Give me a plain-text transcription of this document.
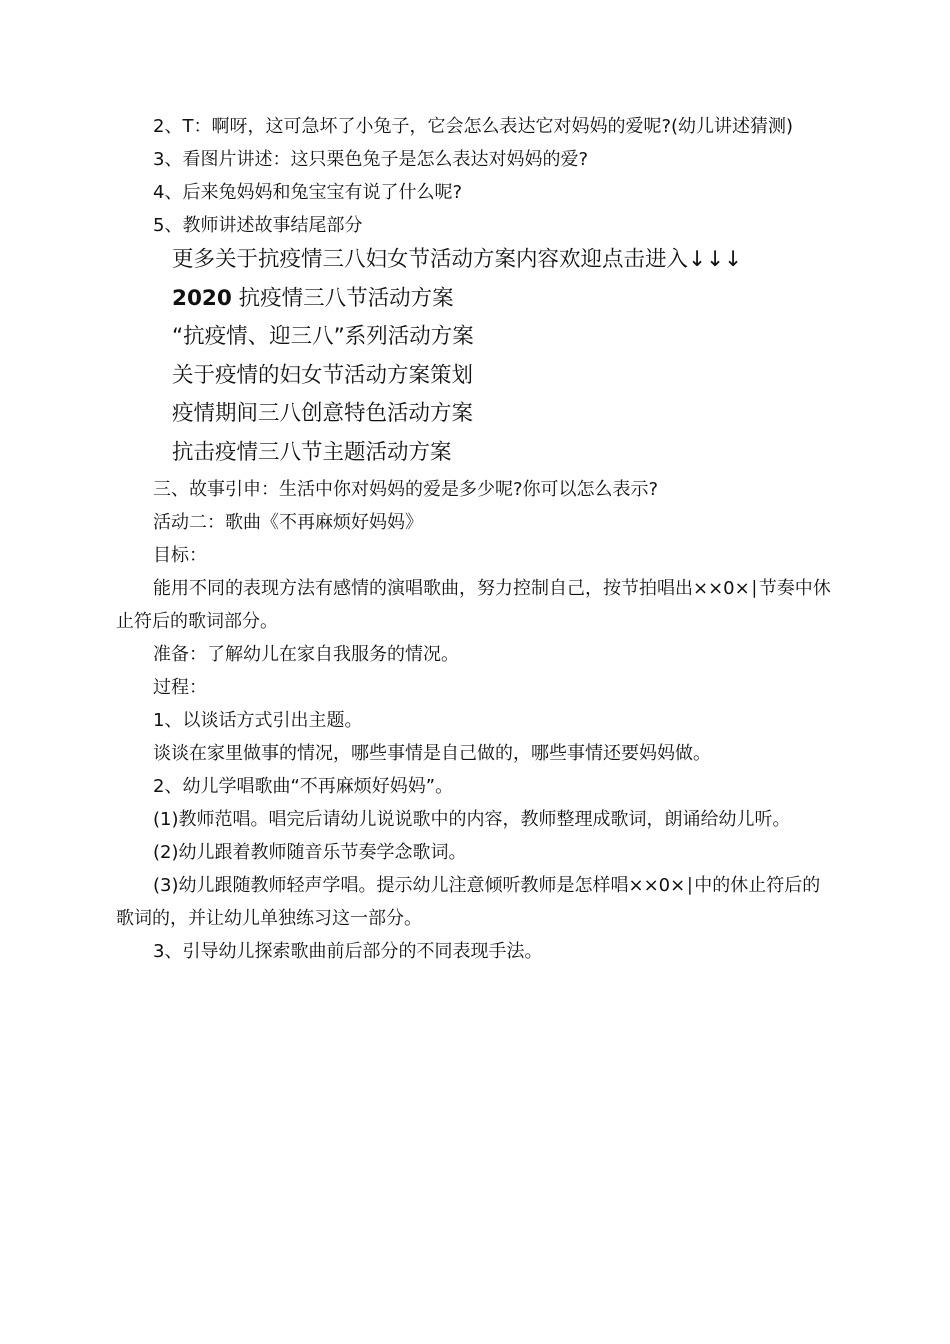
2、T：啊呀，这可急坏了小兔子，它会怎么表达它对妈妈的爱呢?(幼儿讲述猜测)
3、看图片讲述：这只栗色兔子是怎么表达对妈妈的爱?
4、后来兔妈妈和兔宝宝有说了什么呢?
5、教师讲述故事结尾部分
更多关于抗疫情三八妇女节活动方案内容欢迎点击进入↓↓↓
2020 抗疫情三八节活动方案
“抗疫情、迎三八”系列活动方案
关于疫情的妇女节活动方案策划
疫情期间三八创意特色活动方案
抗击疫情三八节主题活动方案
三、故事引申：生活中你对妈妈的爱是多少呢?你可以怎么表示?
活动二：歌曲《不再麻烦好妈妈》
目标：
能用不同的表现方法有感情的演唱歌曲，努力控制自己，按节拍唱出××0×∣节奏中休止符后的歌词部分。
准备：了解幼儿在家自我服务的情况。
过程：
1、以谈话方式引出主题。
谈谈在家里做事的情况，哪些事情是自己做的，哪些事情还要妈妈做。
2、幼儿学唱歌曲“不再麻烦好妈妈”。
(1)教师范唱。唱完后请幼儿说说歌中的内容，教师整理成歌词，朗诵给幼儿听。
(2)幼儿跟着教师随音乐节奏学念歌词。
(3)幼儿跟随教师轻声学唱。提示幼儿注意倾听教师是怎样唱××0×∣中的休止符后的歌词的，并让幼儿单独练习这一部分。
3、引导幼儿探索歌曲前后部分的不同表现手法。
